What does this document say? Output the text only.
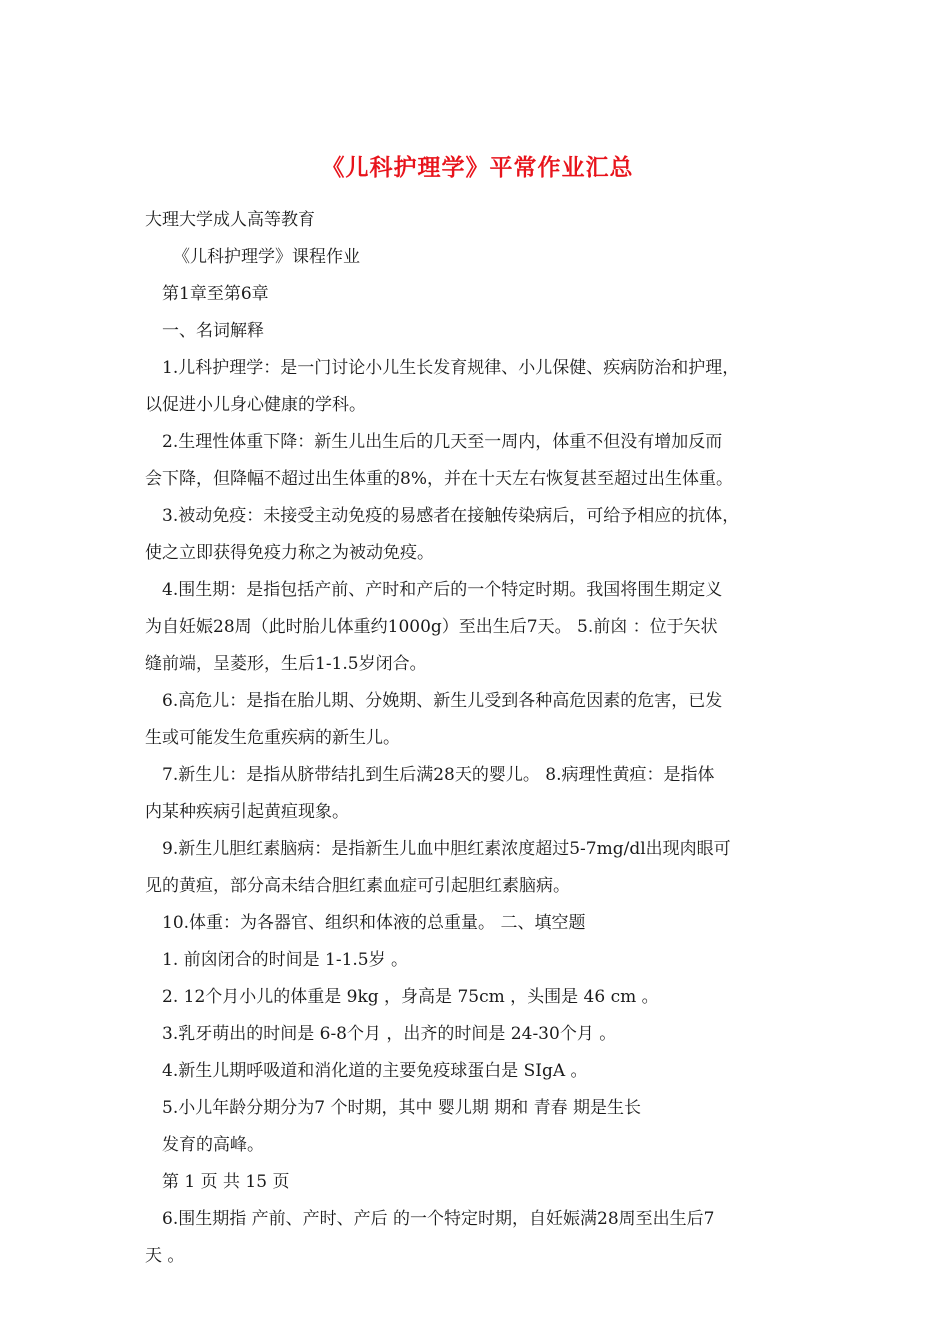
《儿科护理学》平常作业汇总
大理大学成人高等教育
《儿科护理学》课程作业
第1章至第6章
一、名词解释
1.儿科护理学：是一门讨论小儿生长发育规律、小儿保健、疾病防治和护理，
以促进小儿身心健康的学科。
2.生理性体重下降：新生儿出生后的几天至一周内，体重不但没有增加反而
会下降，但降幅不超过出生体重的8%，并在十天左右恢复甚至超过出生体重。
3.被动免疫：未接受主动免疫的易感者在接触传染病后，可给予相应的抗体，
使之立即获得免疫力称之为被动免疫。
4.围生期：是指包括产前、产时和产后的一个特定时期。我国将围生期定义
为自妊娠28周（此时胎儿体重约1000g）至出生后7天。 5.前囟 ：位于矢状
缝前端，呈菱形，生后1-1.5岁闭合。
6.高危儿：是指在胎儿期、分娩期、新生儿受到各种高危因素的危害，已发
生或可能发生危重疾病的新生儿。
7.新生儿：是指从脐带结扎到生后满28天的婴儿。 8.病理性黄疸：是指体
内某种疾病引起黄疸现象。
9.新生儿胆红素脑病：是指新生儿血中胆红素浓度超过5-7mg/dl出现肉眼可
见的黄疸，部分高未结合胆红素血症可引起胆红素脑病。
10.体重：为各器官、组织和体液的总重量。 二、填空题
1. 前囟闭合的时间是 1-1.5岁 。
2. 12个月小儿的体重是 9kg ，身高是 75cm ，头围是 46 cm 。
3.乳牙萌出的时间是 6-8个月 ，出齐的时间是 24-30个月 。
4.新生儿期呼吸道和消化道的主要免疫球蛋白是 SIgA 。
5.小儿年龄分期分为7 个时期，其中 婴儿期 期和 青春 期是生长
发育的高峰。
第 1 页 共 15 页
6.围生期指 产前、产时、产后 的一个特定时期，自妊娠满28周至出生后7
天 。
